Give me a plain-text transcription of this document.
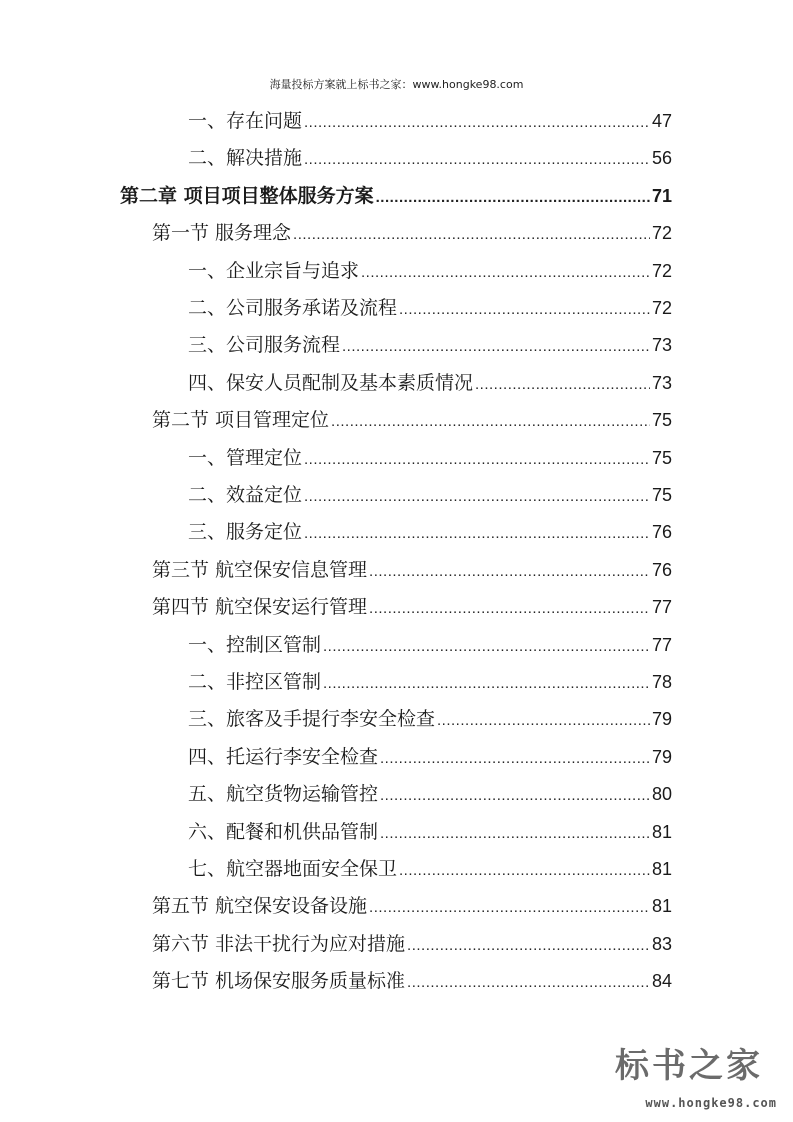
海量投标方案就上标书之家：www.hongke98.com
一、存在问题 .....	47
二、解决措施 .....	56
第二章 项目项目整体服务方案 .....	71
第一节 服务理念 .....	72
一、企业宗旨与追求 .....	72
二、公司服务承诺及流程 .....	72
三、公司服务流程 .....	73
四、保安人员配制及基本素质情况 .....	73
第二节 项目管理定位 .....	75
一、管理定位 .....	75
二、效益定位 .....	75
三、服务定位 .....	76
第三节 航空保安信息管理 .....	76
第四节 航空保安运行管理 .....	77
一、控制区管制 .....	77
二、非控区管制 .....	78
三、旅客及手提行李安全检查 .....	79
四、托运行李安全检查 .....	79
五、航空货物运输管控 .....	80
六、配餐和机供品管制 .....	81
七、航空器地面安全保卫 .....	81
第五节 航空保安设备设施 .....	81
第六节 非法干扰行为应对措施 .....	83
第七节 机场保安服务质量标准 .....	84
标书之家
www.hongke98.com
